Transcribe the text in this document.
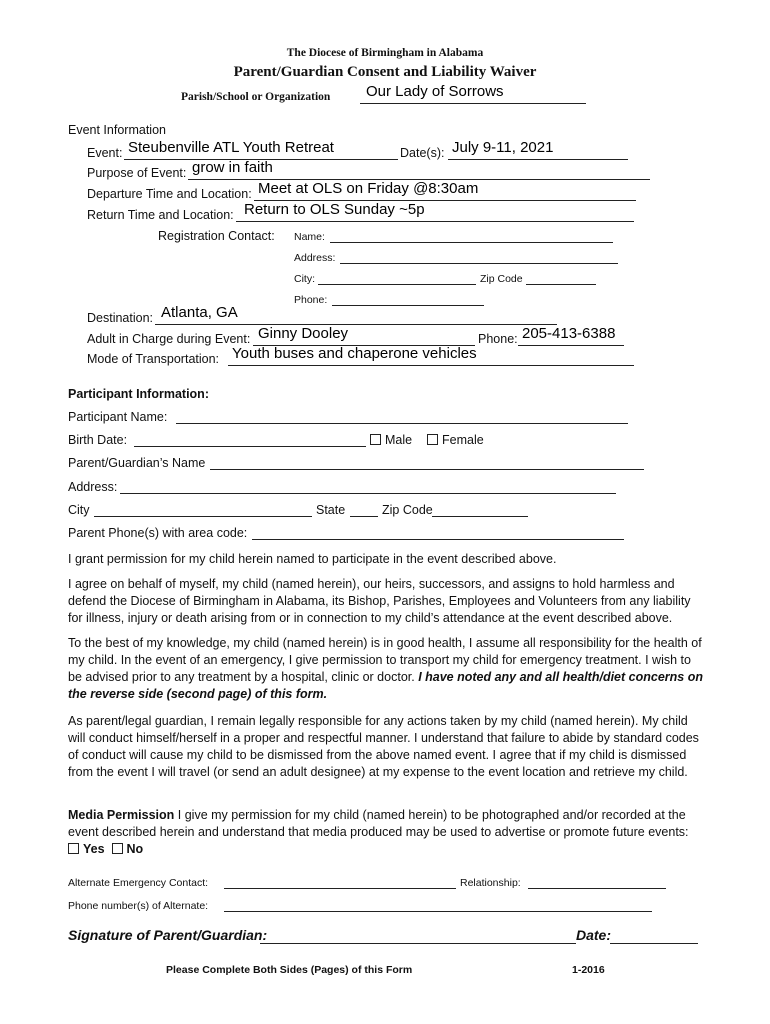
The Diocese of Birmingham in Alabama
Parent/Guardian Consent and Liability Waiver
Parish/School or Organization Our Lady of Sorrows
Event Information
Event: Steubenville ATL Youth Retreat	Date(s): July 9-11, 2021
Purpose of Event: grow in faith
Departure Time and Location: Meet at OLS on Friday @8:30am
Return Time and Location: Return to OLS Sunday ~5p
Registration Contact: Name:
Address:
City:	Zip Code
Phone:
Destination: Atlanta, GA
Adult in Charge during Event: Ginny Dooley	Phone: 205-413-6388
Mode of Transportation: Youth buses and chaperone vehicles
Participant Information:
Participant Name:
Birth Date:	Male	Female
Parent/Guardian’s Name
Address:
City	State	Zip Code
Parent Phone(s) with area code:
I grant permission for my child herein named to participate in the event described above.
I agree on behalf of myself, my child (named herein), our heirs, successors, and assigns to hold harmless and defend the Diocese of Birmingham in Alabama, its Bishop, Parishes, Employees and Volunteers from any liability for illness, injury or death arising from or in connection to my child’s attendance at the event described above.
To the best of my knowledge, my child (named herein) is in good health, I assume all responsibility for the health of my child. In the event of an emergency, I give permission to transport my child for emergency treatment. I wish to be advised prior to any treatment by a hospital, clinic or doctor. I have noted any and all health/diet concerns on the reverse side (second page) of this form.
As parent/legal guardian, I remain legally responsible for any actions taken by my child (named herein). My child will conduct himself/herself in a proper and respectful manner. I understand that failure to abide by standard codes of conduct will cause my child to be dismissed from the above named event. I agree that if my child is dismissed from the event I will travel (or send an adult designee) at my expense to the event location and retrieve my child.
Media Permission I give my permission for my child (named herein) to be photographed and/or recorded at the event described herein and understand that media produced may be used to advertise or promote future events: Yes No
Alternate Emergency Contact:	Relationship:
Phone number(s) of Alternate:
Signature of Parent/Guardian:	Date:
Please Complete Both Sides (Pages) of this Form	1-2016
